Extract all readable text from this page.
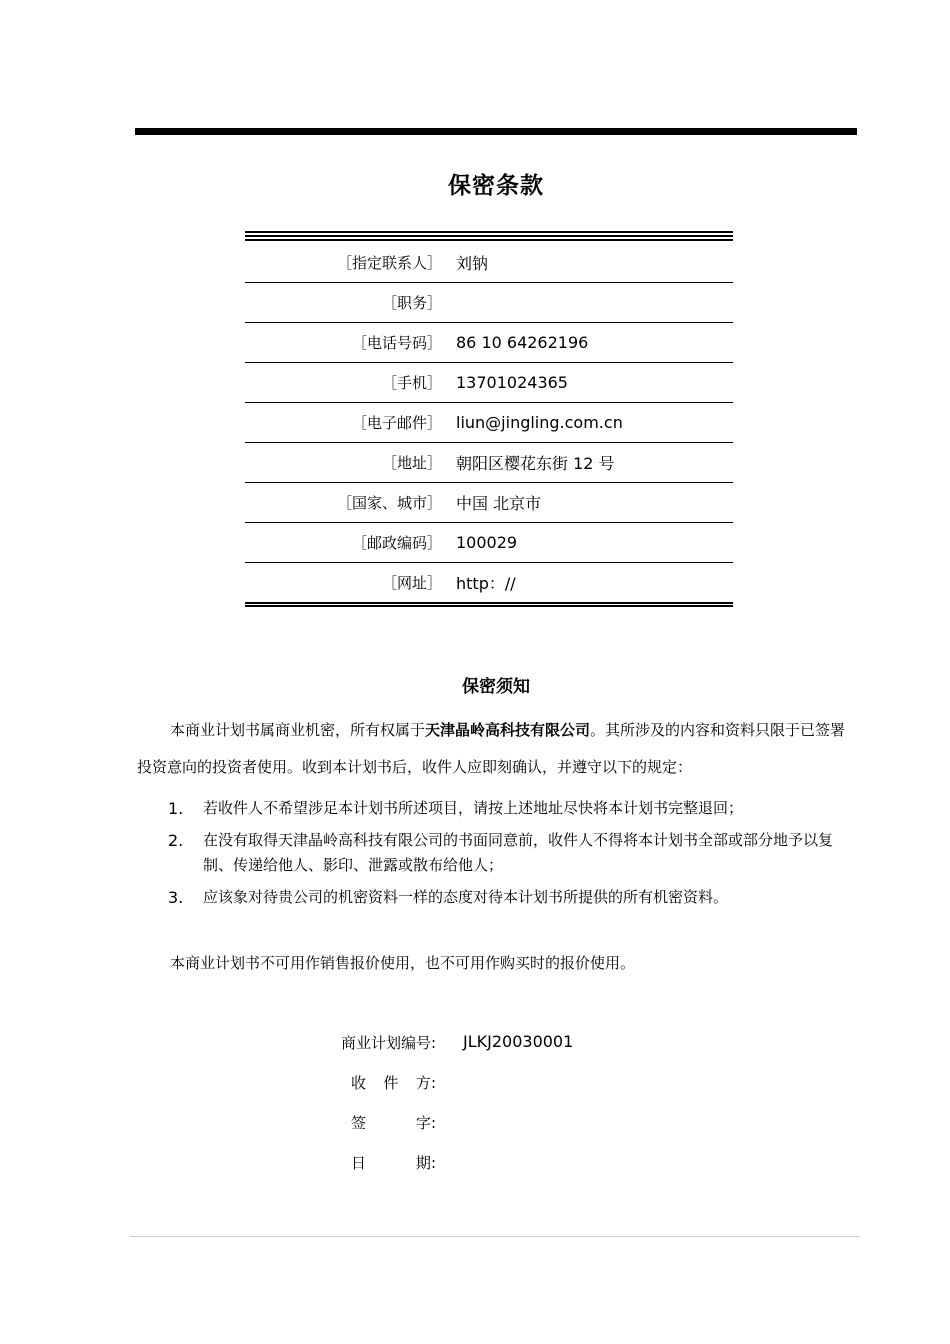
保密条款
［指定联系人］ 刘钠
［职务］
［电话号码］ 86 10 64262196
［手机］ 13701024365
［电子邮件］ liun@jingling.com.cn
［地址］ 朝阳区樱花东街 12 号
［国家、城市］ 中国 北京市
［邮政编码］ 100029
［网址］ http：//
保密须知
本商业计划书属商业机密，所有权属于天津晶岭高科技有限公司。其所涉及的内容和资料只限于已签署投资意向的投资者使用。收到本计划书后，收件人应即刻确认，并遵守以下的规定：
1.	若收件人不希望涉足本计划书所述项目，请按上述地址尽快将本计划书完整退回；
2.	在没有取得天津晶岭高科技有限公司的书面同意前，收件人不得将本计划书全部或部分地予以复制、传递给他人、影印、泄露或散布给他人；
3.	应该象对待贵公司的机密资料一样的态度对待本计划书所提供的所有机密资料。
本商业计划书不可用作销售报价使用，也不可用作购买时的报价使用。
商业计划编号:	JLKJ20030001
收 件 方 :
签	字 :
日	期 :
